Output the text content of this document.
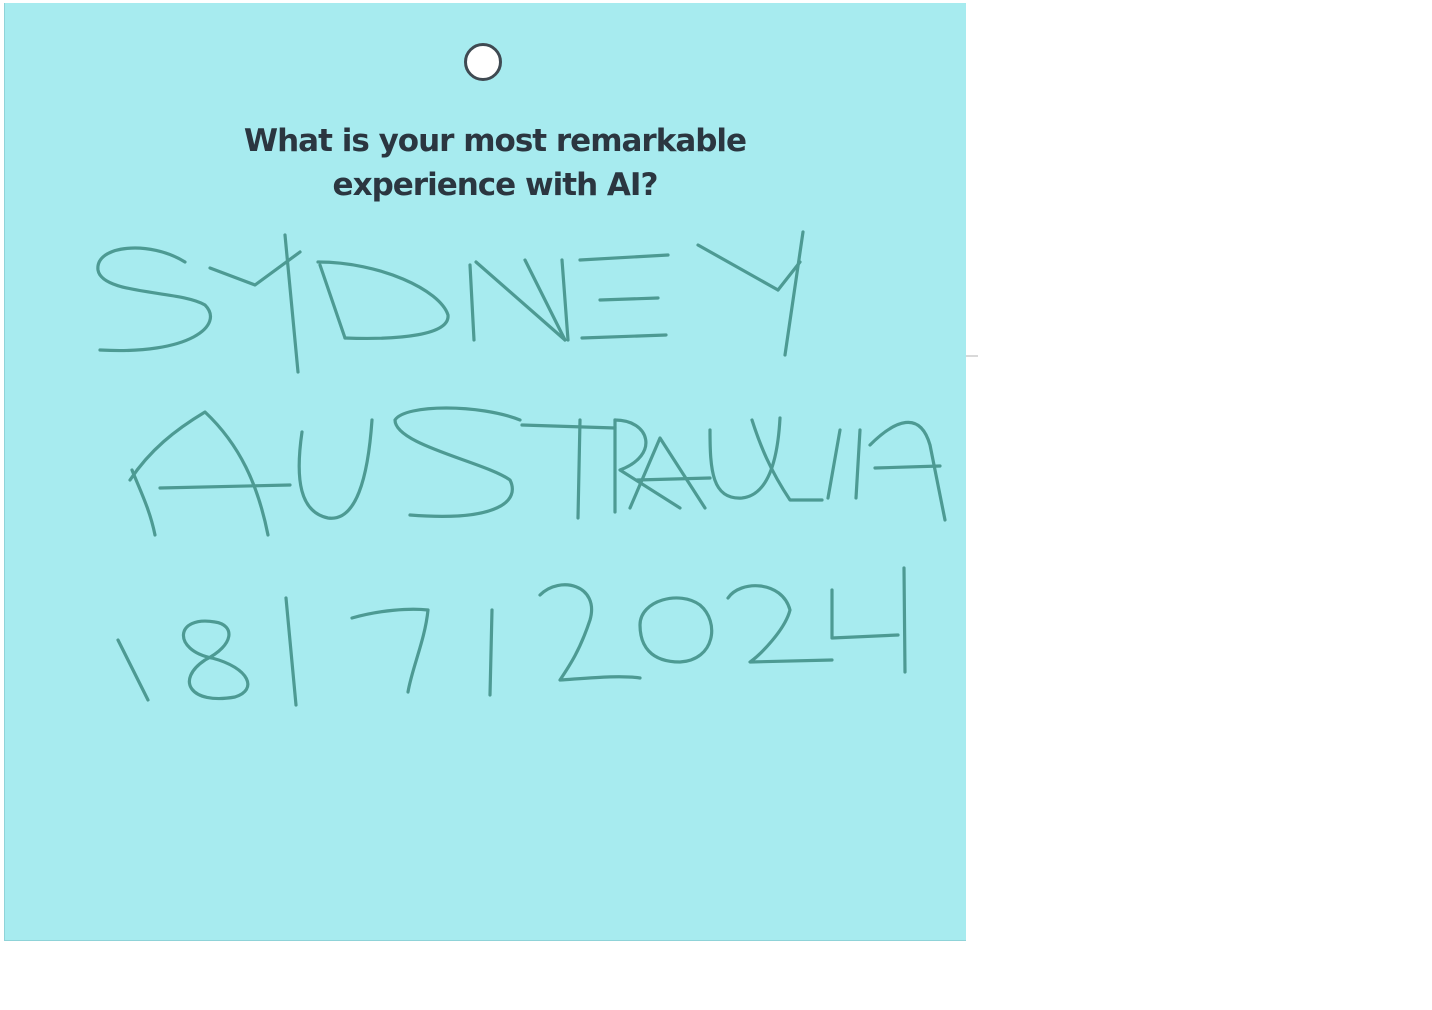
What is your most remarkable
experience with AI?
